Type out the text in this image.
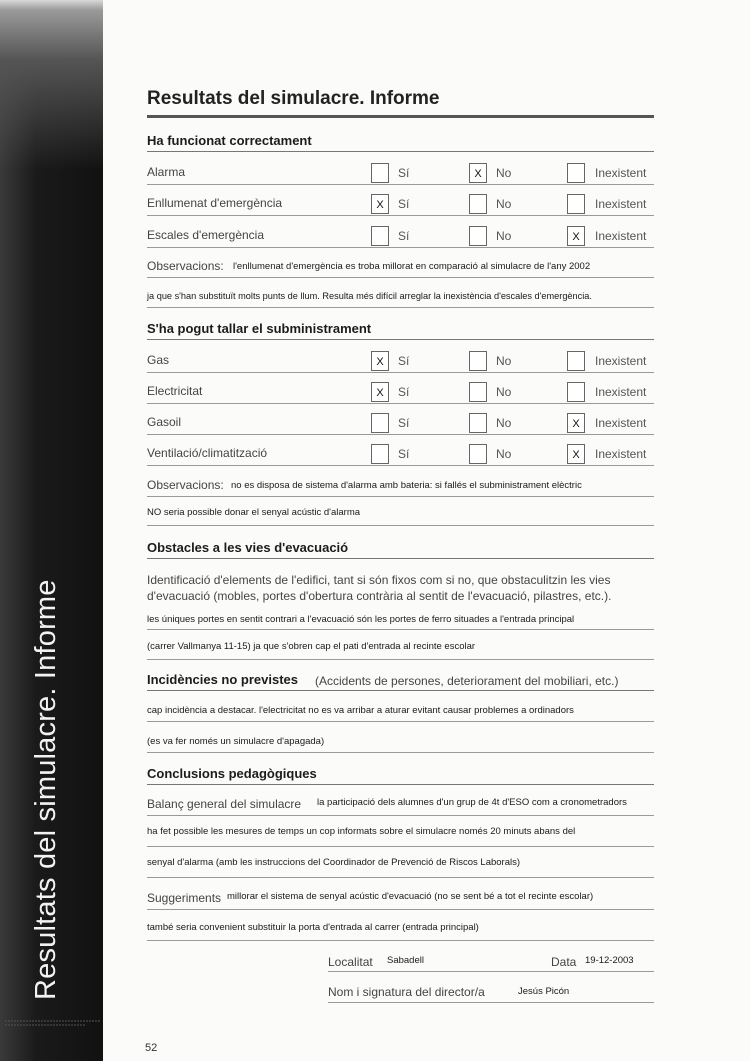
Resultats del simulacre. Informe
Resultats del simulacre. Informe
Ha funcionat correctament
Alarma	Sí	X	No	Inexistent
Enllumenat d'emergència	X	Sí	No	Inexistent
Escales d'emergència	Sí	No	X	Inexistent
Observacions: l'enllumenat d'emergència es troba millorat en comparació al simulacre de l'any 2002
ja que s'han substituït molts punts de llum. Resulta més difícil arreglar la inexistència d'escales d'emergència.
S'ha pogut tallar el subministrament
Gas	X	Sí	No	Inexistent
Electricitat	X	Sí	No	Inexistent
Gasoil	Sí	No	X	Inexistent
Ventilació/climatització	Sí	No	X	Inexistent
Observacions: no es disposa de sistema d'alarma amb bateria: si fallés el subministrament elèctric
NO seria possible donar el senyal acústic d'alarma
Obstacles a les vies d'evacuació
Identificació d'elements de l'edifici, tant si són fixos com si no, que obstaculitzin les vies d'evacuació (mobles, portes d'obertura contrària al sentit de l'evacuació, pilastres, etc.).
les úniques portes en sentit contrari a l'evacuació són les portes de ferro situades a l'entrada principal
(carrer Vallmanya 11-15) ja que s'obren cap el pati d'entrada al recinte escolar
Incidències no previstes (Accidents de persones, deteriorament del mobiliari, etc.)
cap incidència a destacar. l'electricitat no es va arribar a aturar evitant causar problemes a ordinadors
(es va fer només un simulacre d'apagada)
Conclusions pedagògiques
Balanç general del simulacre la participació dels alumnes d'un grup de 4t d'ESO com a cronometradors
ha fet possible les mesures de temps un cop informats sobre el simulacre només 20 minuts abans del
senyal d'alarma (amb les instruccions del Coordinador de Prevenció de Riscos Laborals)
Suggeriments millorar el sistema de senyal acústic d'evacuació (no se sent bé a tot el recinte escolar)
també seria convenient substituir la porta d'entrada al carrer (entrada principal)
Localitat Sabadell	Data 19-12-2003
Nom i signatura del director/a	Jesús Picón
52
